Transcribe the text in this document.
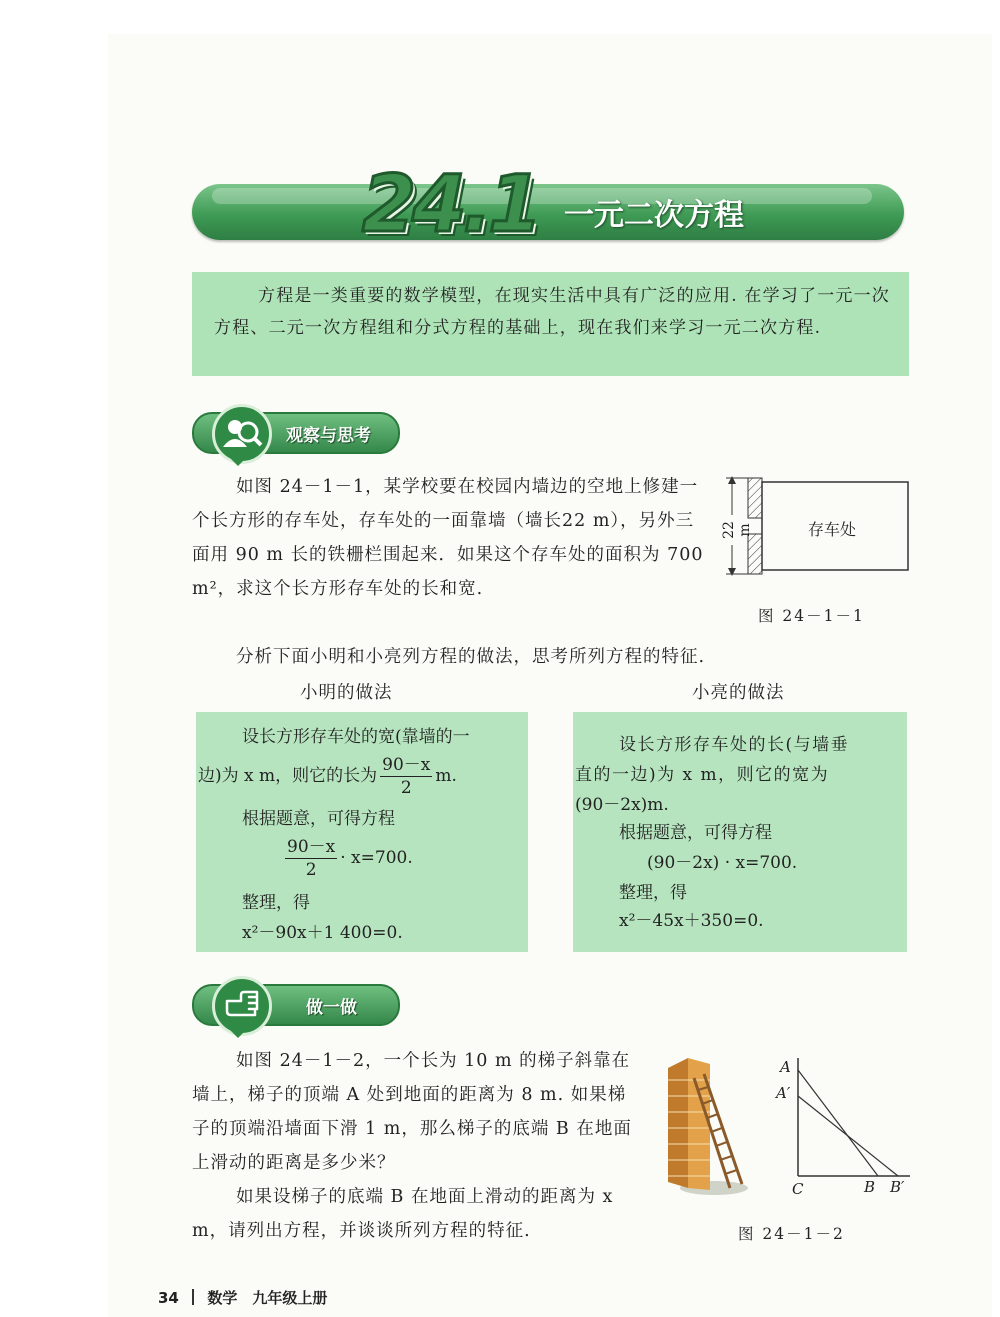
24.1 一元二次方程

方程是一类重要的数学模型，在现实生活中具有广泛的应用. 在学习了一元一次方程、二元一次方程组和分式方程的基础上，现在我们来学习一元二次方程.

观察与思考

如图 24－1－1，某学校要在校园内墙边的空地上修建一个长方形的存车处，存车处的一面靠墙（墙长22 m），另外三面用 90 m 长的铁栅栏围起来．如果这个存车处的面积为 700 m²，求这个长方形存车处的长和宽.

分析下面小明和小亮列方程的做法，思考所列方程的特征.

22 m	存车处
图 24－1－1
小明的做法	小亮的做法

设长方形存车处的宽(靠墙的一

边)为 x m，则它的长为 $\frac{90-x}{2} m$.

根据题意，可得方程

$\frac{90-x}{2} \cdot x=700$.

整理，得

x²－90x＋1 400=0.

设长方形存车处的长(与墙垂

直的一边)为 x m，则它的宽为

(90－2x)m.

根据题意，可得方程

(90－2x) · x=700.

整理，得

x²－45x＋350=0.

做一做

如图 24－1－2，一个长为 10 m 的梯子斜靠在墙上，梯子的顶端 A 处到地面的距离为 8 m. 如果梯子的顶端沿墙面下滑 1 m，那么梯子的底端 B 在地面上滑动的距离是多少米？

如果设梯子的底端 B 在地面上滑动的距离为 x m，请列出方程，并谈谈所列方程的特征.

A
A′
C	B B′
图 24－1－2
34 数学　九年级上册
